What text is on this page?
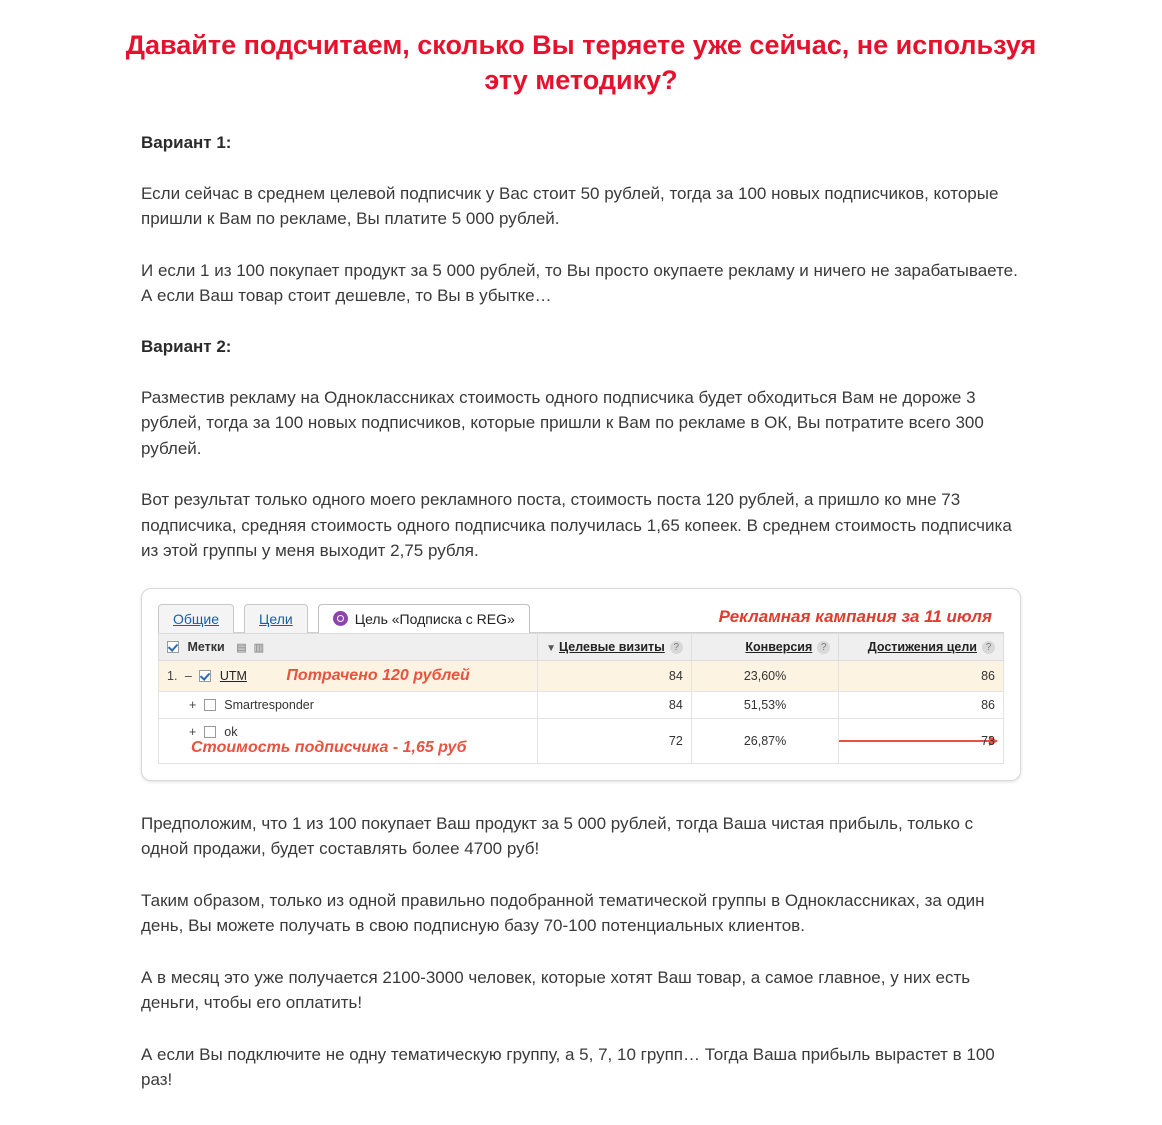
Давайте подсчитаем, сколько Вы теряете уже сейчас, не используя эту методику?
Вариант 1:

Если сейчас в среднем целевой подписчик у Вас стоит 50 рублей, тогда за 100 новых подписчиков, которые пришли к Вам по рекламе, Вы платите 5 000 рублей.

И если 1 из 100 покупает продукт за 5 000 рублей, то Вы просто окупаете рекламу и ничего не зарабатываете. А если Ваш товар стоит дешевле, то Вы в убытке…

Вариант 2:

Разместив рекламу на Одноклассниках стоимость одного подписчика будет обходиться Вам не дороже 3 рублей, тогда за 100 новых подписчиков, которые пришли к Вам по рекламе в ОК, Вы потратите всего 300 рублей.

Вот результат только одного моего рекламного поста, стоимость поста 120 рублей, а пришло ко мне 73 подписчика, средняя стоимость одного подписчика получилась 1,65 копеек. В среднем стоимость подписчика из этой группы у меня выходит 2,75 рубля.

Общие	Цели	Цель «Подписка с REG»	Рекламная кампания за 11 июля
Метки ▤ ▥	▼ Целевые визиты ?	Конверсия ?	Достижения цели ?
1. – UTM Потрачено 120 рублей	84	23,60%	86
+ Smartresponder	84	51,53%	86
+ ok Стоимость подписчика - 1,65 руб	72	26,87%	73

Предположим, что 1 из 100 покупает Ваш продукт за 5 000 рублей, тогда Ваша чистая прибыль, только с одной продажи, будет составлять более 4700 руб!

Таким образом, только из одной правильно подобранной тематической группы в Одноклассниках, за один день, Вы можете получать в свою подписную базу 70-100 потенциальных клиентов.

А в месяц это уже получается 2100-3000 человек, которые хотят Ваш товар, а самое главное, у них есть деньги, чтобы его оплатить!

А если Вы подключите не одну тематическую группу, а 5, 7, 10 групп… Тогда Ваша прибыль вырастет в 100 раз!
